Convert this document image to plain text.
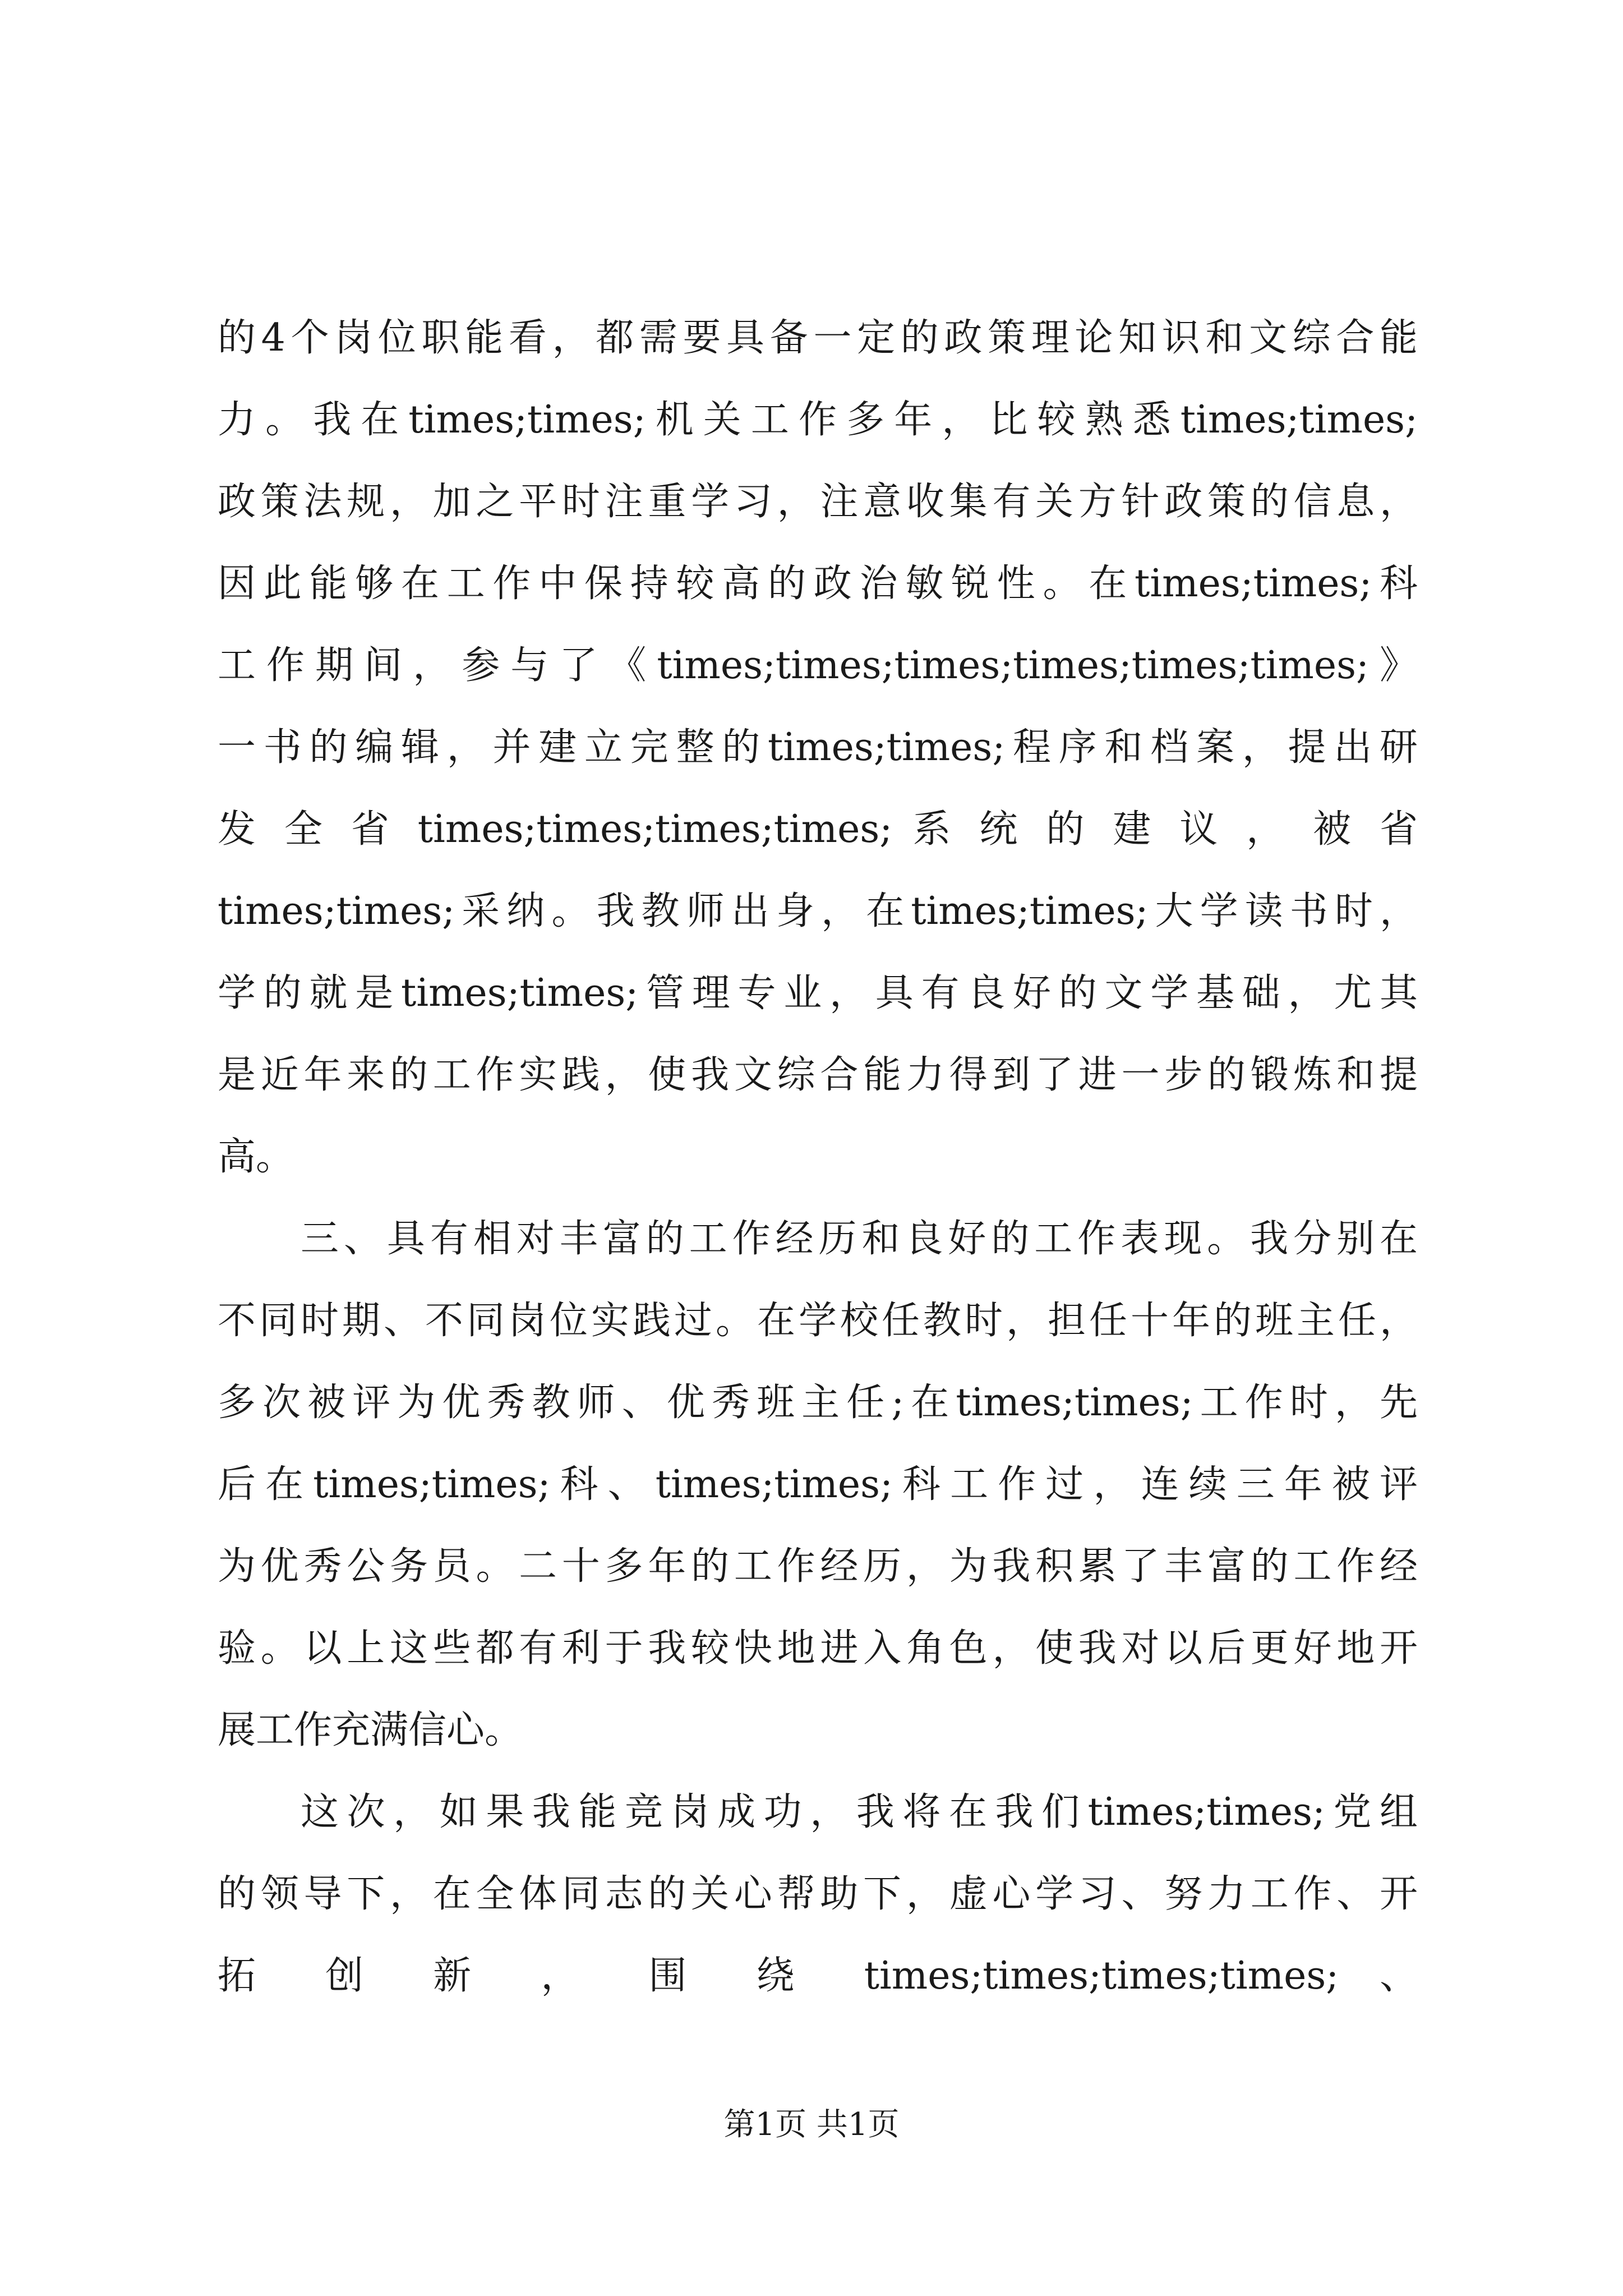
的4个岗位职能看，都需要具备一定的政策理论知识和文综合能
力。我在times;times;机关工作多年，比较熟悉times;times;
政策法规，加之平时注重学习，注意收集有关方针政策的信息，
因此能够在工作中保持较高的政治敏锐性。在times;times;科
工作期间，参与了《times;times;times;times;times;times;》
一书的编辑，并建立完整的times;times;程序和档案，提出研
发 全 省 times;times;times;times; 系 统 的 建 议 ， 被 省
times;times;采纳。我教师出身，在times;times;大学读书时，
学的就是times;times;管理专业，具有良好的文学基础，尤其
是近年来的工作实践，使我文综合能力得到了进一步的锻炼和提
高。
三、具有相对丰富的工作经历和良好的工作表现。我分别在
不同时期、不同岗位实践过。在学校任教时，担任十年的班主任，
多次被评为优秀教师、优秀班主任;在times;times;工作时，先
后在times;times;科、times;times;科工作过，连续三年被评
为优秀公务员。二十多年的工作经历，为我积累了丰富的工作经
验。以上这些都有利于我较快地进入角色，使我对以后更好地开
展工作充满信心。
这次，如果我能竞岗成功，我将在我们times;times;党组
的领导下，在全体同志的关心帮助下，虚心学习、努力工作、开
拓 创 新 ， 围 绕 times;times;times;times; 、
第1页 共1页
